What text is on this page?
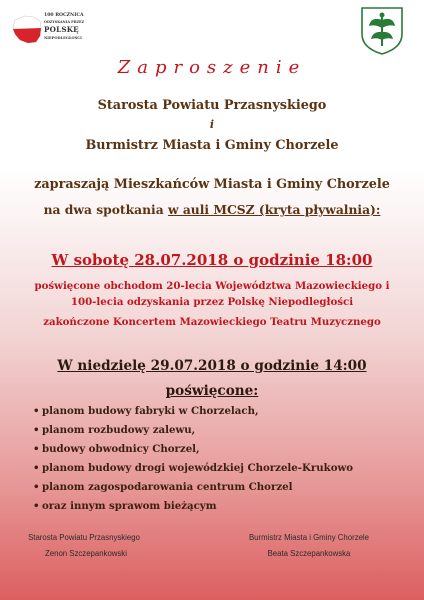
100 ROCZNICA
ODZYSKANIA PRZEZ
POLSKĘ
NIEPODLEGŁOŚCI
Zaproszenie
Starosta Powiatu Przasnyskiego
i
Burmistrz Miasta i Gminy Chorzele
zapraszają Mieszkańców Miasta i Gminy Chorzele
na dwa spotkania w auli MCSZ (kryta pływalnia):
W sobotę 28.07.2018 o godzinie 18:00
poświęcone obchodom 20-lecia Województwa Mazowieckiego i
100-lecia odzyskania przez Polskę Niepodległości
zakończone Koncertem Mazowieckiego Teatru Muzycznego
W niedzielę 29.07.2018 o godzinie 14:00
poświęcone:
• planom budowy fabryki w Chorzelach,
• planom rozbudowy zalewu,
• budowy obwodnicy Chorzel,
• planom budowy drogi wojewódzkiej Chorzele-Krukowo
• planom zagospodarowania centrum Chorzel
• oraz innym sprawom bieżącym
Starosta Powiatu Przasnyskiego
Zenon Szczepankowski
Burmistrz Miasta i Gminy Chorzele
Beata Szczepankowska
